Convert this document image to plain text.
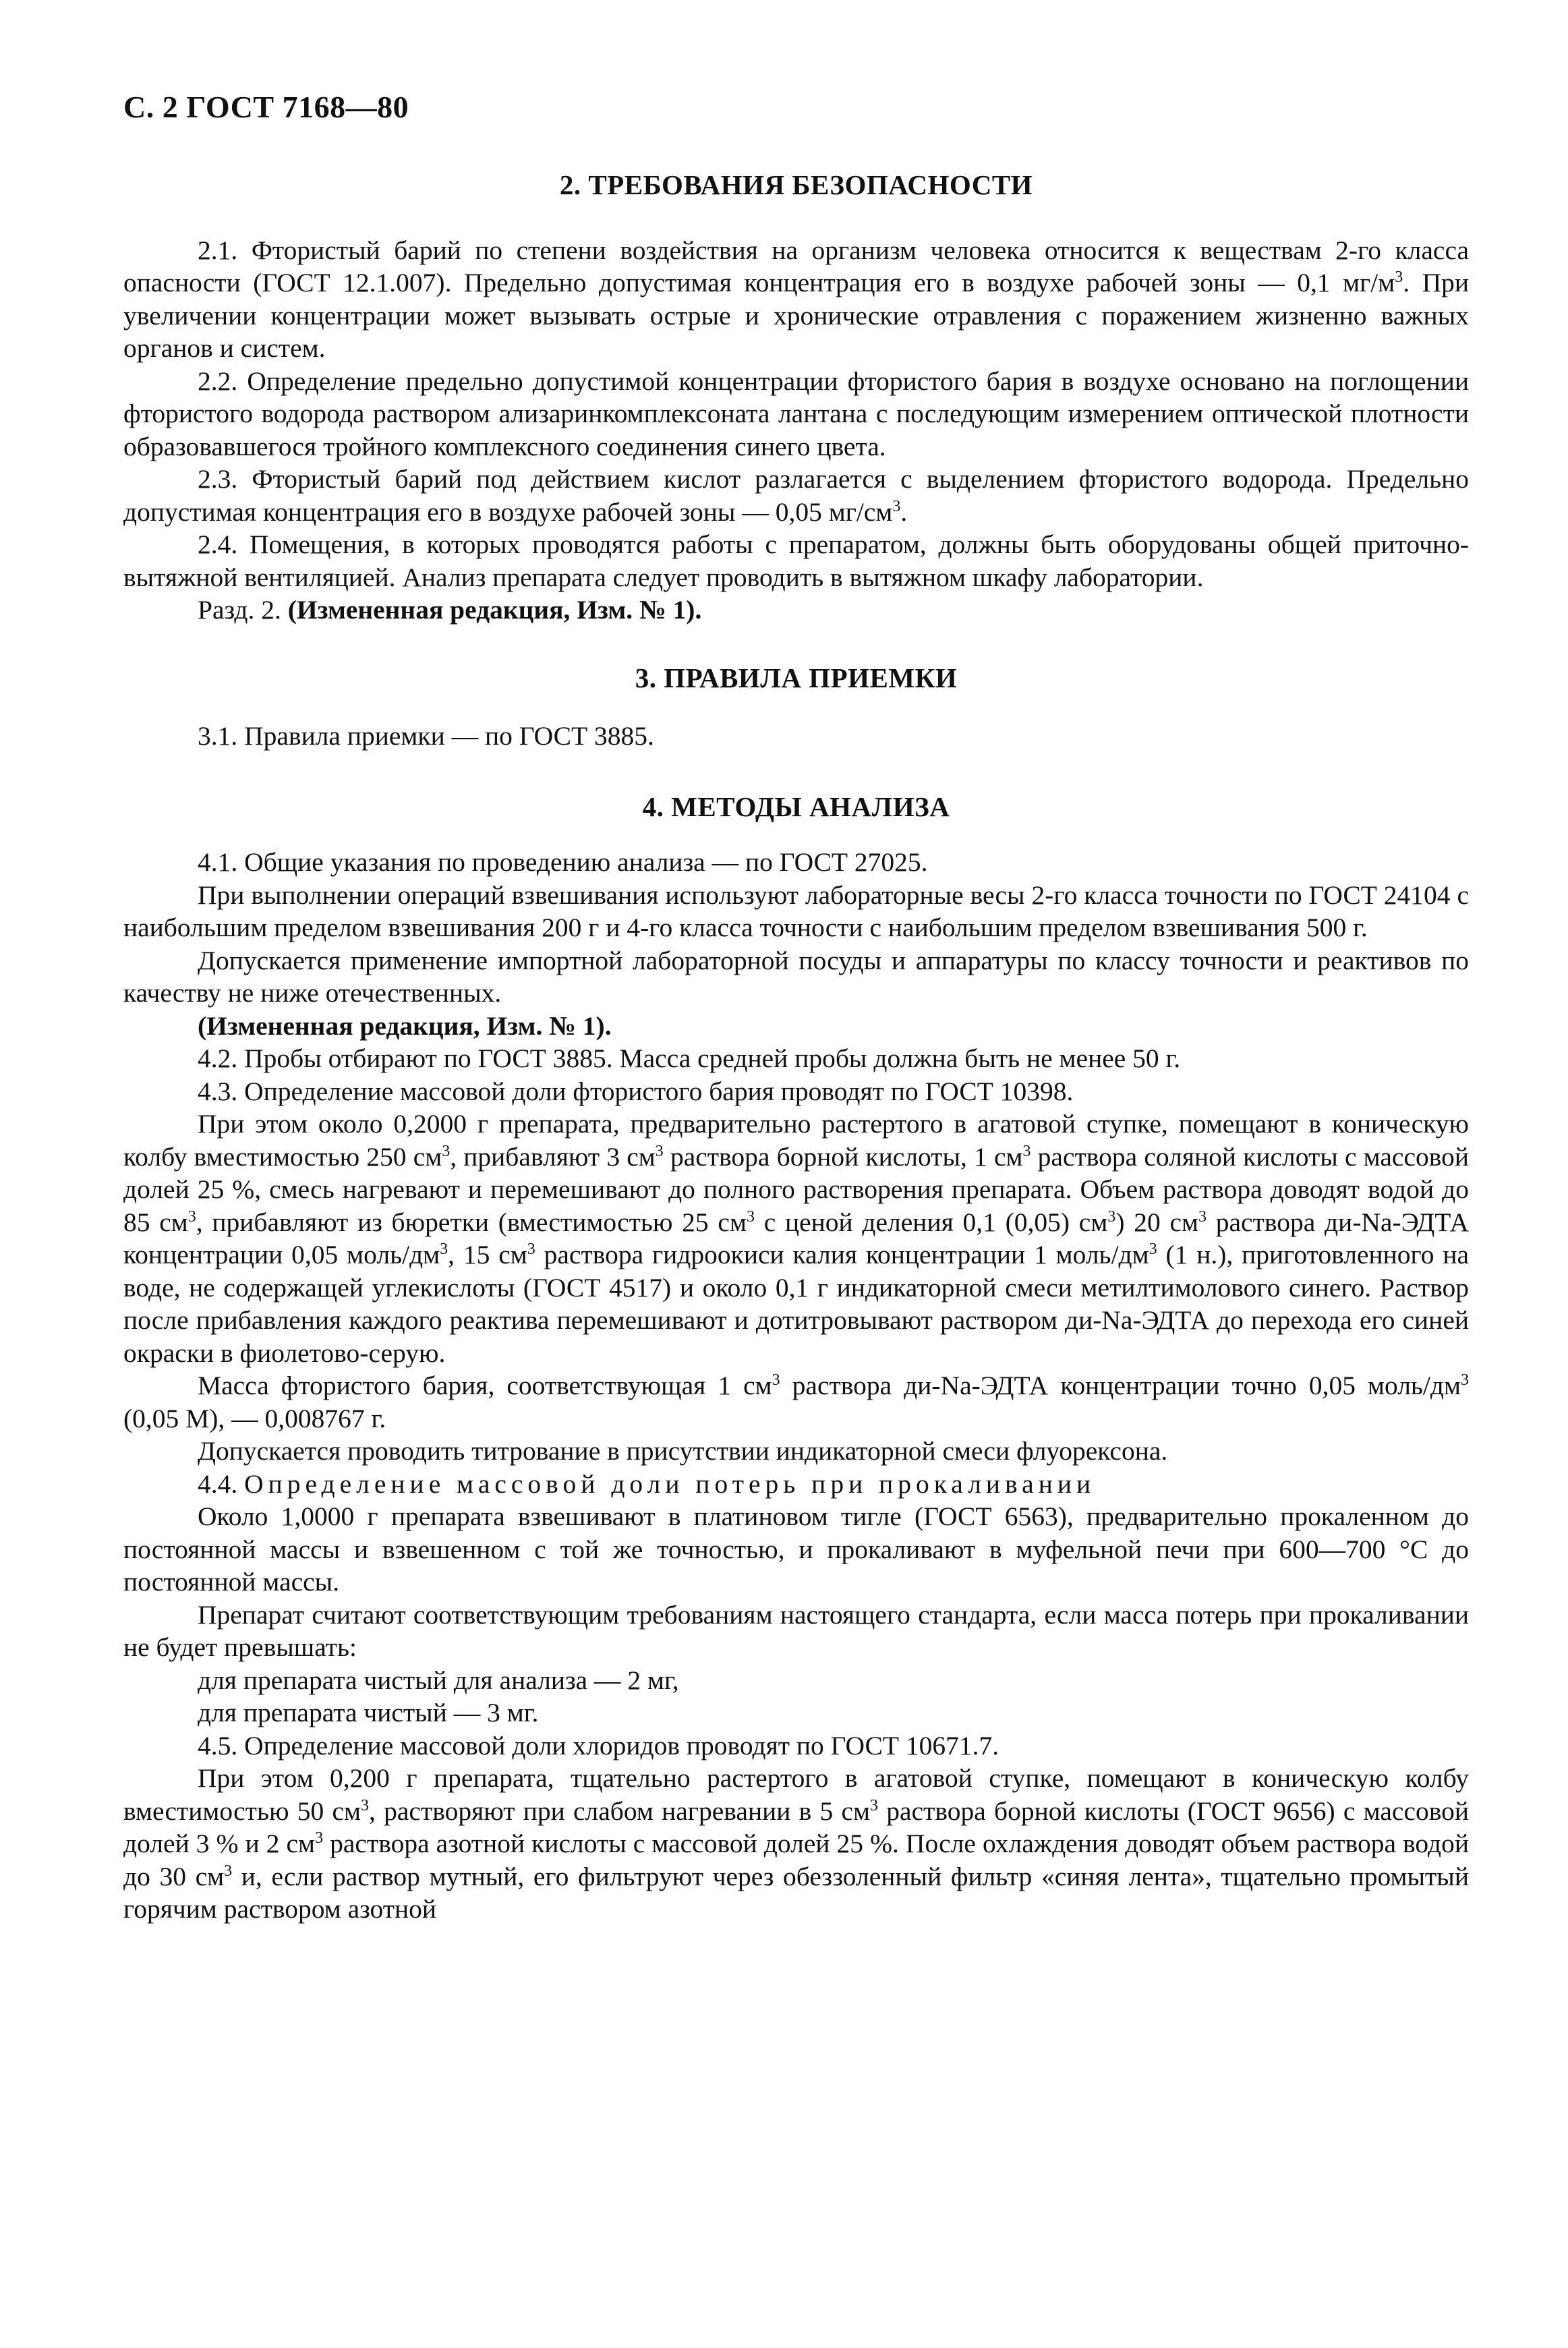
С. 2 ГОСТ 7168—80
2. ТРЕБОВАНИЯ БЕЗОПАСНОСТИ

2.1. Фтористый барий по степени воздействия на организм человека относится к веществам 2-го класса опасности (ГОСТ 12.1.007). Предельно допустимая концентрация его в воздухе рабочей зоны — 0,1 $мг/м^3$. При увеличении концентрации может вызывать острые и хронические отравления с поражением жизненно важных органов и систем.

2.2. Определение предельно допустимой концентрации фтористого бария в воздухе основано на поглощении фтористого водорода раствором ализаринкомплексоната лантана с последующим измерением оптической плотности образовавшегося тройного комплексного соединения синего цвета.

2.3. Фтористый барий под действием кислот разлагается с выделением фтористого водорода. Предельно допустимая концентрация его в воздухе рабочей зоны — 0,05 $мг/см^3$.

2.4. Помещения, в которых проводятся работы с препаратом, должны быть оборудованы общей приточно-вытяжной вентиляцией. Анализ препарата следует проводить в вытяжном шкафу лаборатории.

Разд. 2. (Измененная редакция, Изм. № 1).

3. ПРАВИЛА ПРИЕМКИ

3.1. Правила приемки — по ГОСТ 3885.

4. МЕТОДЫ АНАЛИЗА

4.1. Общие указания по проведению анализа — по ГОСТ 27025.

При выполнении операций взвешивания используют лабораторные весы 2-го класса точности по ГОСТ 24104 с наибольшим пределом взвешивания 200 г и 4-го класса точности с наибольшим пределом взвешивания 500 г.

Допускается применение импортной лабораторной посуды и аппаратуры по классу точности и реактивов по качеству не ниже отечественных.

(Измененная редакция, Изм. № 1).

4.2. Пробы отбирают по ГОСТ 3885. Масса средней пробы должна быть не менее 50 г.

4.3. Определение массовой доли фтористого бария проводят по ГОСТ 10398.

При этом около 0,2000 г препарата, предварительно растертого в агатовой ступке, помещают в коническую колбу вместимостью 250 $см^3$, прибавляют 3 $см^3$ раствора борной кислоты, 1 $см^3$ раствора соляной кислоты с массовой долей 25 %, смесь нагревают и перемешивают до полного растворения препарата. Объем раствора доводят водой до 85 $см^3$, прибавляют из бюретки (вместимостью 25 $см^3$ с ценой деления 0,1 (0,05) $см^3$) 20 $см^3$ раствора ди-Na-ЭДТА концентрации 0,05 моль/$дм^3$, 15 $см^3$ раствора гидроокиси калия концентрации 1 моль/$дм^3$ (1 н.), приготовленного на воде, не содержащей углекислоты (ГОСТ 4517) и около 0,1 г индикаторной смеси метилтимолового синего. Раствор после прибавления каждого реактива перемешивают и дотитровывают раствором ди-Na-ЭДТА до перехода его синей окраски в фиолетово-серую.

Масса фтористого бария, соответствующая 1 $см^3$ раствора ди-Na-ЭДТА концентрации точно 0,05 моль/$дм^3$ (0,05 М), — 0,008767 г.

Допускается проводить титрование в присутствии индикаторной смеси флуорексона.

4.4. Определение массовой доли потерь при прокаливании

Около 1,0000 г препарата взвешивают в платиновом тигле (ГОСТ 6563), предварительно прокаленном до постоянной массы и взвешенном с той же точностью, и прокаливают в муфельной печи при 600—700 °С до постоянной массы.

Препарат считают соответствующим требованиям настоящего стандарта, если масса потерь при прокаливании не будет превышать:

для препарата чистый для анализа — 2 мг,

для препарата чистый — 3 мг.

4.5. Определение массовой доли хлоридов проводят по ГОСТ 10671.7.

При этом 0,200 г препарата, тщательно растертого в агатовой ступке, помещают в коническую колбу вместимостью 50 $см^3$, растворяют при слабом нагревании в 5 $см^3$ раствора борной кислоты (ГОСТ 9656) с массовой долей 3 % и 2 $см^3$ раствора азотной кислоты с массовой долей 25 %. После охлаждения доводят объем раствора водой до 30 $см^3$ и, если раствор мутный, его фильтруют через обеззоленный фильтр «синяя лента», тщательно промытый горячим раствором азотной
